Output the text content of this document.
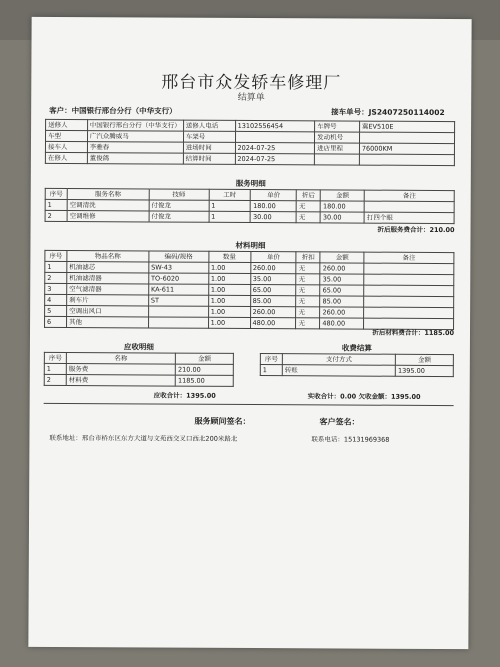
邢台市众发轿车修理厂
结算单
客户：中国银行邢台分行（中华支行）	接车单号：JS2407250114002
送修人	中国银行邢台分行（中华支行）	送修人电话	13102556454	车牌号	冀EV510E
车型	广汽众腾威马	车架号		发动机号	
接车人	李雅春	进场时间	2024-07-25	进店里程	76000KM
在修人	董俊鸽	结算时间	2024-07-25		
服务明细
序号	服务名称	技师	工时	单价	折后	金额	备注
1	空调清洗	付俊龙	1	180.00	无	180.00	
2	空调维修	付俊龙	1	30.00	无	30.00	打四个眼
折后服务费合计：210.00
材料明细
序号	物品名称	编码/规格	数量	单价	折扣	金额	备注
1	机油滤芯	SW-43	1.00	260.00	无	260.00	
2	机油滤清器	TO-6020	1.00	35.00	无	35.00	
3	空气滤清器	KA-611	1.00	65.00	无	65.00	
4	刹车片	ST	1.00	85.00	无	85.00	
5	空调出风口		1.00	260.00	无	260.00	
6	其他		1.00	480.00	无	480.00	
折后材料费合计：1185.00
应收明细
序号	名称	金额
1	服务费	210.00
2	材料费	1185.00
收费结算
序号	支付方式	金额
1	转账	1395.00
应收合计：1395.00	实收合计：0.00 欠收金额：1395.00
服务顾问签名：	客户签名：
联系地址：邢台市桥东区东方大道与文苑西交叉口西北200米路北	联系电话：15131969368
